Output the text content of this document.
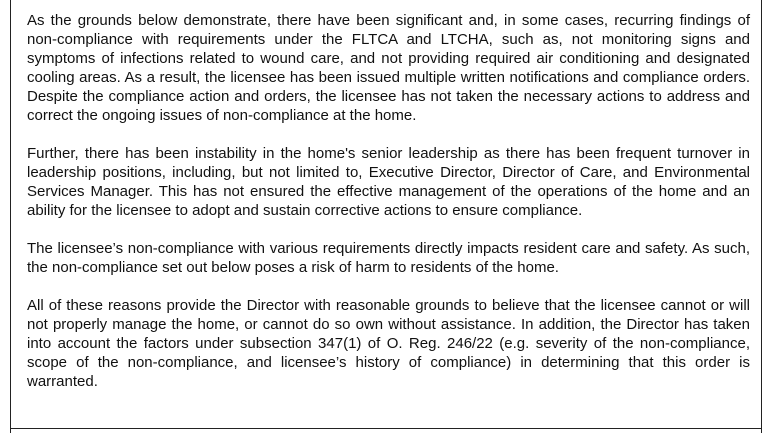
As the grounds below demonstrate, there have been significant and, in some cases, recurring findings of non-compliance with requirements under the FLTCA and LTCHA, such as, not monitoring signs and symptoms of infections related to wound care, and not providing required air conditioning and designated cooling areas. As a result, the licensee has been issued multiple written notifications and compliance orders. Despite the compliance action and orders, the licensee has not taken the necessary actions to address and correct the ongoing issues of non-compliance at the home.

Further, there has been instability in the home's senior leadership as there has been frequent turnover in leadership positions, including, but not limited to, Executive Director, Director of Care, and Environmental Services Manager. This has not ensured the effective management of the operations of the home and an ability for the licensee to adopt and sustain corrective actions to ensure compliance.

The licensee’s non-compliance with various requirements directly impacts resident care and safety. As such, the non-compliance set out below poses a risk of harm to residents of the home.

All of these reasons provide the Director with reasonable grounds to believe that the licensee cannot or will not properly manage the home, or cannot do so own without assistance. In addition, the Director has taken into account the factors under subsection 347(1) of O. Reg. 246/22 (e.g. severity of the non-compliance, scope of the non-compliance, and licensee’s history of compliance) in determining that this order is warranted.
